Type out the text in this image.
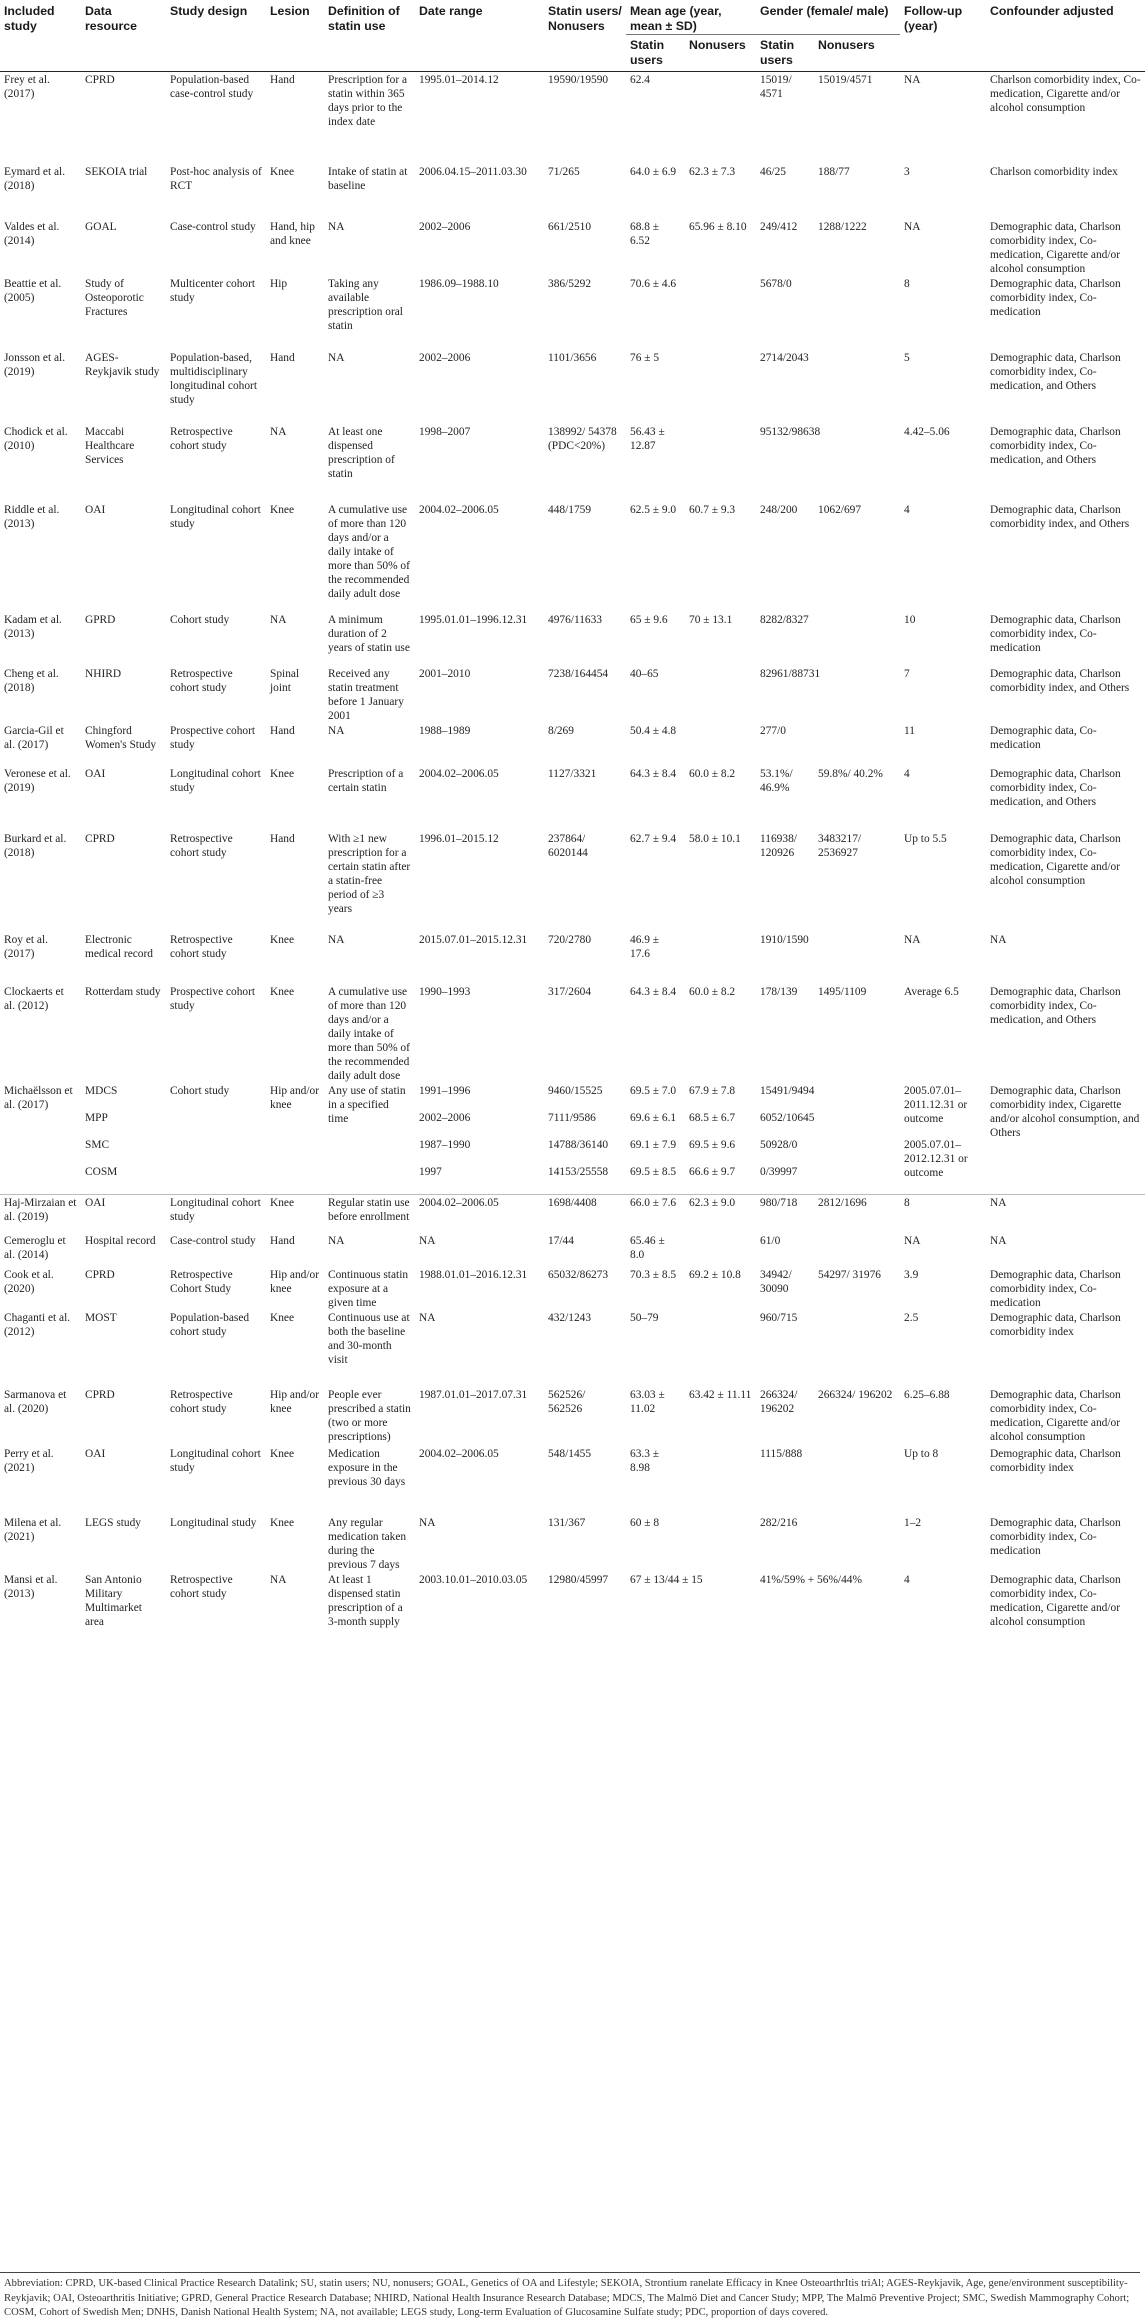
Included study	Data resource	Study design	Lesion	Definition of statin use	Date range	Statin users/ Nonusers	Mean age (year, mean ± SD)		Gender (female/ male)		Follow-up (year)	Confounder adjusted
							Statin users	Nonusers	Statin users	Nonusers		
Frey et al. (2017)	CPRD	Population-based case-control study	Hand	Prescription for a statin within 365 days prior to the index date	1995.01–2014.12	19590/19590	62.4		15019/ 4571	15019/4571	NA	Charlson comorbidity index, Co-medication, Cigarette and/or alcohol consumption
Eymard et al. (2018)	SEKOIA trial	Post-hoc analysis of RCT	Knee	Intake of statin at baseline	2006.04.15–2011.03.30	71/265	64.0 ± 6.9	62.3 ± 7.3	46/25	188/77	3	Charlson comorbidity index
Valdes et al. (2014)	GOAL	Case-control study	Hand, hip and knee	NA	2002–2006	661/2510	68.8 ± 6.52	65.96 ± 8.10	249/412	1288/1222	NA	Demographic data, Charlson comorbidity index, Co-medication, Cigarette and/or alcohol consumption
Beattie et al. (2005)	Study of Osteoporotic Fractures	Multicenter cohort study	Hip	Taking any available prescription oral statin	1986.09–1988.10	386/5292	70.6 ± 4.6		5678/0		8	Demographic data, Charlson comorbidity index, Co-medication
Jonsson et al. (2019)	AGES-Reykjavik study	Population-based, multidisciplinary longitudinal cohort study	Hand	NA	2002–2006	1101/3656	76 ± 5		2714/2043		5	Demographic data, Charlson comorbidity index, Co-medication, and Others
Chodick et al. (2010)	Maccabi Healthcare Services	Retrospective cohort study	NA	At least one dispensed prescription of statin	1998–2007	138992/ 54378 (PDC<20%)	56.43 ± 12.87		95132/98638		4.42–5.06	Demographic data, Charlson comorbidity index, Co-medication, and Others
Riddle et al. (2013)	OAI	Longitudinal cohort study	Knee	A cumulative use of more than 120 days and/or a daily intake of more than 50% of the recommended daily adult dose	2004.02–2006.05	448/1759	62.5 ± 9.0	60.7 ± 9.3	248/200	1062/697	4	Demographic data, Charlson comorbidity index, and Others
Kadam et al. (2013)	GPRD	Cohort study	NA	A minimum duration of 2 years of statin use	1995.01.01–1996.12.31	4976/11633	65 ± 9.6	70 ± 13.1	8282/8327		10	Demographic data, Charlson comorbidity index, Co-medication
Cheng et al. (2018)	NHIRD	Retrospective cohort study	Spinal joint	Received any statin treatment before 1 January 2001	2001–2010	7238/164454	40–65		82961/88731		7	Demographic data, Charlson comorbidity index, and Others
Garcia-Gil et al. (2017)	Chingford Women's Study	Prospective cohort study	Hand	NA	1988–1989	8/269	50.4 ± 4.8		277/0		11	Demographic data, Co-medication
Veronese et al. (2019)	OAI	Longitudinal cohort study	Knee	Prescription of a certain statin	2004.02–2006.05	1127/3321	64.3 ± 8.4	60.0 ± 8.2	53.1%/ 46.9%	59.8%/ 40.2%	4	Demographic data, Charlson comorbidity index, Co-medication, and Others
Burkard et al. (2018)	CPRD	Retrospective cohort study	Hand	With ≥1 new prescription for a certain statin after a statin-free period of ≥3 years	1996.01–2015.12	237864/ 6020144	62.7 ± 9.4	58.0 ± 10.1	116938/ 120926	3483217/ 2536927	Up to 5.5	Demographic data, Charlson comorbidity index, Co-medication, Cigarette and/or alcohol consumption
Roy et al. (2017)	Electronic medical record	Retrospective cohort study	Knee	NA	2015.07.01–2015.12.31	720/2780	46.9 ± 17.6		1910/1590		NA	NA
Clockaerts et al. (2012)	Rotterdam study	Prospective cohort study	Knee	A cumulative use of more than 120 days and/or a daily intake of more than 50% of the recommended daily adult dose	1990–1993	317/2604	64.3 ± 8.4	60.0 ± 8.2	178/139	1495/1109	Average 6.5	Demographic data, Charlson comorbidity index, Co-medication, and Others
Michaëlsson et al. (2017)	MDCS	Cohort study	Hip and/or knee	Any use of statin in a specified time	1991–1996	9460/15525	69.5 ± 7.0	67.9 ± 7.8	15491/9494		2005.07.01–2011.12.31 or outcome	Demographic data, Charlson comorbidity index, Cigarette and/or alcohol consumption, and Others
	MPP				2002–2006	7111/9586	69.6 ± 6.1	68.5 ± 6.7	6052/10645			
	SMC				1987–1990	14788/36140	69.1 ± 7.9	69.5 ± 9.6	50928/0		2005.07.01–2012.12.31 or outcome	
	COSM				1997	14153/25558	69.5 ± 8.5	66.6 ± 9.7	0/39997			
Haj-Mirzaian et al. (2019)	OAI	Longitudinal cohort study	Knee	Regular statin use before enrollment	2004.02–2006.05	1698/4408	66.0 ± 7.6	62.3 ± 9.0	980/718	2812/1696	8	NA
Cemeroglu et al. (2014)	Hospital record	Case-control study	Hand	NA	NA	17/44	65.46 ± 8.0		61/0		NA	NA
Cook et al. (2020)	CPRD	Retrospective Cohort Study	Hip and/or knee	Continuous statin exposure at a given time	1988.01.01–2016.12.31	65032/86273	70.3 ± 8.5	69.2 ± 10.8	34942/ 30090	54297/ 31976	3.9	Demographic data, Charlson comorbidity index, Co-medication
Chaganti et al. (2012)	MOST	Population-based cohort study	Knee	Continuous use at both the baseline and 30-month visit	NA	432/1243	50–79		960/715		2.5	Demographic data, Charlson comorbidity index
Sarmanova et al. (2020)	CPRD	Retrospective cohort study	Hip and/or knee	People ever prescribed a statin (two or more prescriptions)	1987.01.01–2017.07.31	562526/ 562526	63.03 ± 11.02	63.42 ± 11.11	266324/ 196202	266324/ 196202	6.25–6.88	Demographic data, Charlson comorbidity index, Co-medication, Cigarette and/or alcohol consumption
Perry et al. (2021)	OAI	Longitudinal cohort study	Knee	Medication exposure in the previous 30 days	2004.02–2006.05	548/1455	63.3 ± 8.98		1115/888		Up to 8	Demographic data, Charlson comorbidity index
Milena et al. (2021)	LEGS study	Longitudinal study	Knee	Any regular medication taken during the previous 7 days	NA	131/367	60 ± 8		282/216		1–2	Demographic data, Charlson comorbidity index, Co-medication
Mansi et al. (2013)	San Antonio Military Multimarket area	Retrospective cohort study	NA	At least 1 dispensed statin prescription of a 3-month supply	2003.10.01–2010.03.05	12980/45997	67 ± 13/44 ± 15		41%/59% + 56%/44%		4	Demographic data, Charlson comorbidity index, Co-medication, Cigarette and/or alcohol consumption
Abbreviation: CPRD, UK-based Clinical Practice Research Datalink; SU, statin users; NU, nonusers; GOAL, Genetics of OA and Lifestyle; SEKOIA, Strontium ranelate Efficacy in Knee OsteoarthrItis triAl; AGES-Reykjavik, Age, gene/environment susceptibility-Reykjavik; OAI, Osteoarthritis Initiative; GPRD, General Practice Research Database; NHIRD, National Health Insurance Research Database; MDCS, The Malmö Diet and Cancer Study; MPP, The Malmö Preventive Project; SMC, Swedish Mammography Cohort; COSM, Cohort of Swedish Men; DNHS, Danish National Health System; NA, not available; LEGS study, Long-term Evaluation of Glucosamine Sulfate study; PDC, proportion of days covered.
